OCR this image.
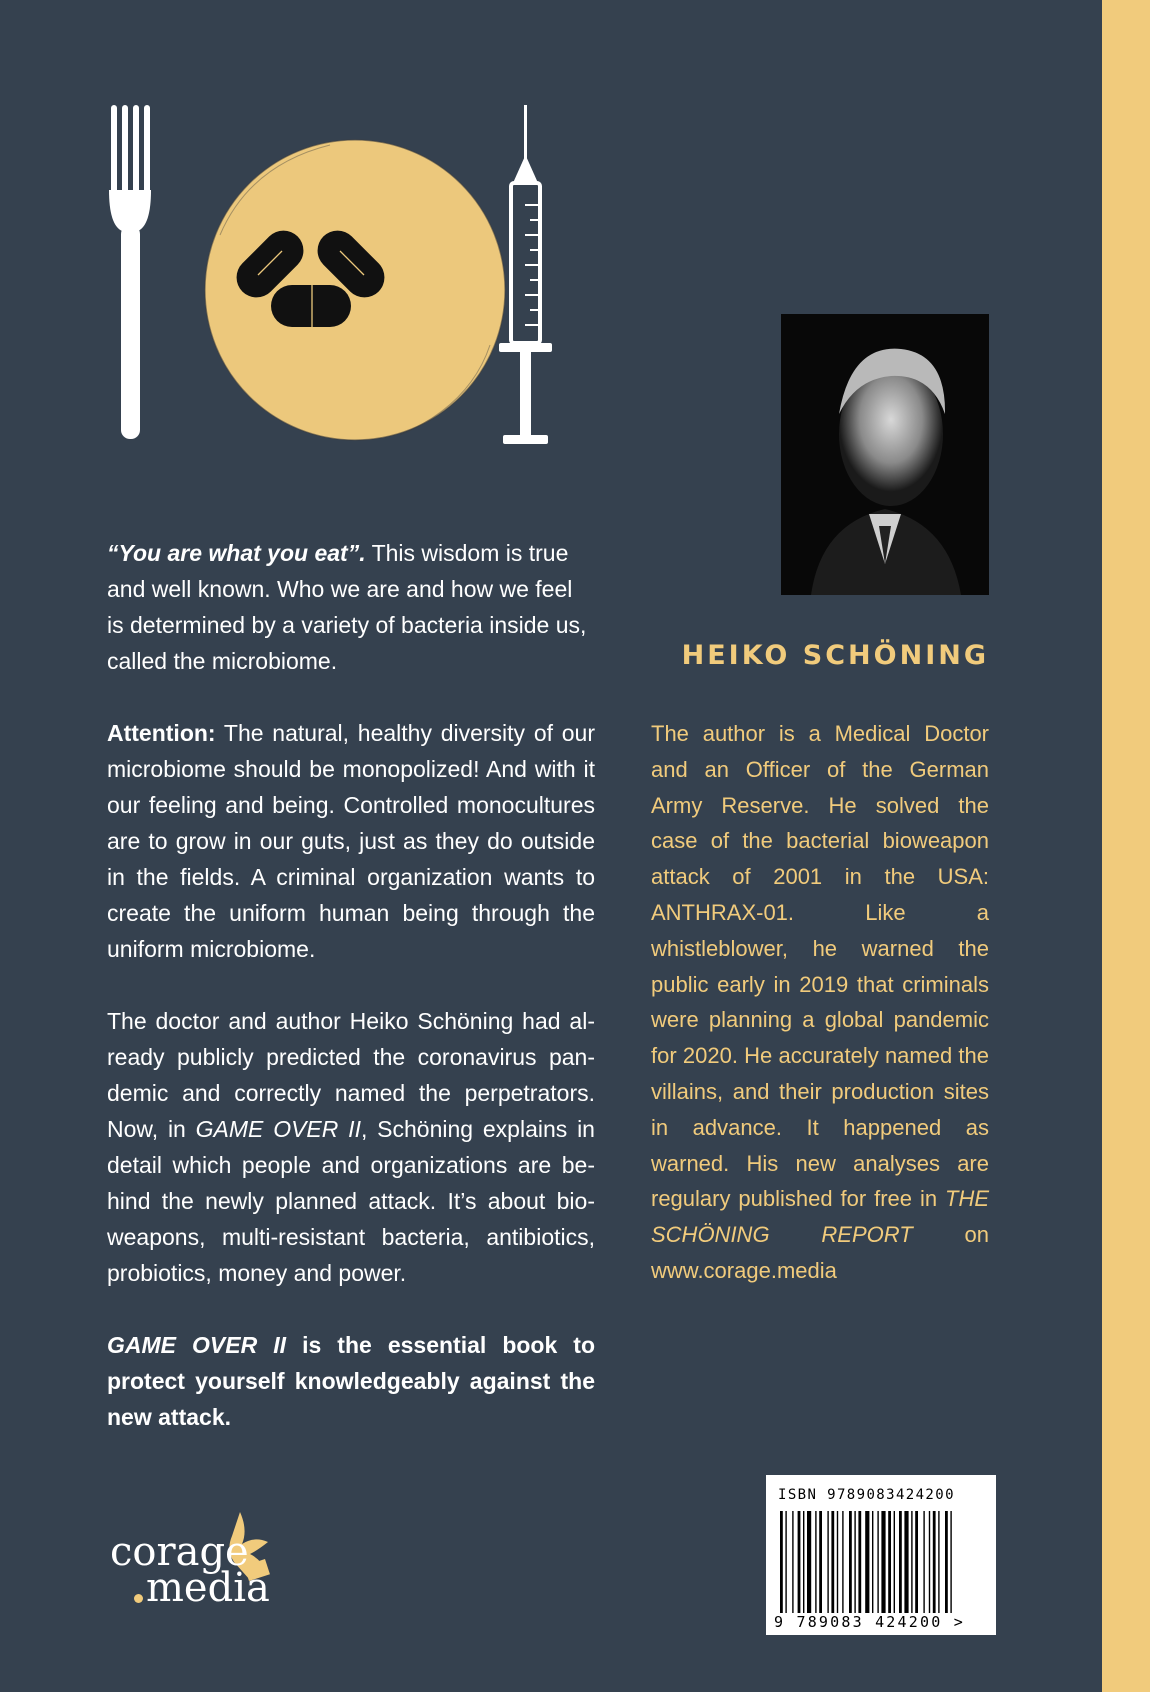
“You are what you eat”. This wisdom is true and well known. Who we are and how we feel is determined by a variety of bacteria inside us, called the microbiome.

Attention: The natural, healthy diversity of our microbiome should be monopolized! And with it our feeling and being. Controlled monocultures are to grow in our guts, just as they do outside in the fields. A criminal organization wants to create the uniform human being through the uniform microbiome.

The doctor and author Heiko Schöning had already publicly predicted the coronavirus pandemic and correctly named the perpetrators. Now, in GAME OVER II, Schöning explains in detail which people and organizations are behind the newly planned attack. It’s about bioweapons, multi-resistant bacteria, antibiotics, probiotics, money and power.

GAME OVER II is the essential book to protect yourself knowledgeably against the new attack.

HEIKO SCHÖNING

The author is a Medical Doctor and an Officer of the German Army Reserve. He solved the case of the bacterial bioweapon attack of 2001 in the USA: ANTHRAX-01. Like a whistleblower, he warned the public early in 2019 that criminals were planning a global pandemic for 2020. He accurately named the villains, and their production sites in advance. It happened as warned. His new analyses are regulary published for free in THE SCHÖNING REPORT on www.corage.media

corage
media
ISBN 9789083424200
9 789083 424200 >
